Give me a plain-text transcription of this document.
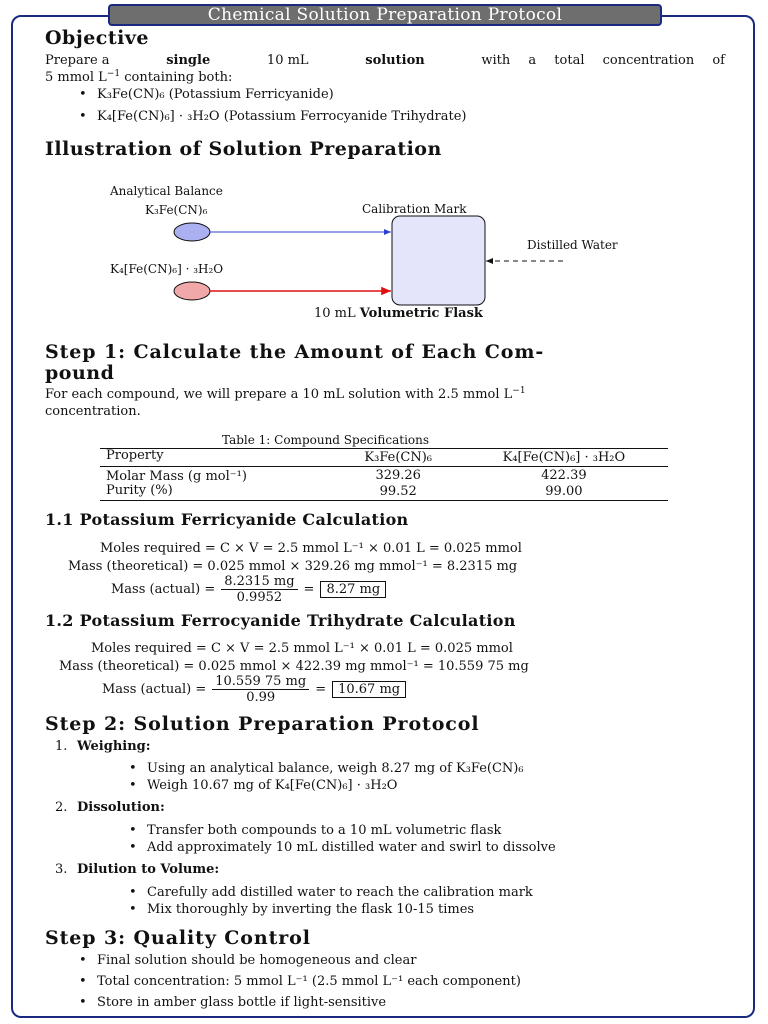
Chemical Solution Preparation Protocol
Objective

Prepare a	single	10 mL	solution	with a total concentration of

5 mmol $L^{-1}$ containing both:

• K₃Fe(CN)₆ (Potassium Ferricyanide)
• K₄[Fe(CN)₆] · ₃H₂O (Potassium Ferrocyanide Trihydrate)
Illustration of Solution Preparation
Analytical Balance
K₃Fe(CN)₆
K₄[Fe(CN)₆] · ₃H₂O
Calibration Mark
Distilled Water
10 mL Volumetric Flask
Step 1: Calculate the Amount of Each Com-
pound

For each compound, we will prepare a 10 mL solution with 2.5 mmol $L^{-1}$

concentration.

Table 1: Compound Specifications
Property	K₃Fe(CN)₆	K₄[Fe(CN)₆] · ₃H₂O
Molar Mass (g mol⁻¹)	329.26	422.39
Purity (%)	99.52	99.00
1.1 Potassium Ferricyanide Calculation
Moles required = C × V = 2.5 mmol L⁻¹ × 0.01 L = 0.025 mmol
Mass (theoretical) = 0.025 mmol × 329.26 mg mmol⁻¹ = 8.2315 mg
Mass (actual) = $\frac{8.2315 mg}{0.9952} = 8.27$ mg
1.2 Potassium Ferrocyanide Trihydrate Calculation
Moles required = C × V = 2.5 mmol L⁻¹ × 0.01 L = 0.025 mmol
Mass (theoretical) = 0.025 mmol × 422.39 mg mmol⁻¹ = 10.559 75 mg
Mass (actual) = $\frac{10.559 75 mg}{0.99} = 10.67$ mg
Step 2: Solution Preparation Protocol
1. Weighing:
• Using an analytical balance, weigh 8.27 mg of K₃Fe(CN)₆
• Weigh 10.67 mg of K₄[Fe(CN)₆] · ₃H₂O
2. Dissolution:
• Transfer both compounds to a 10 mL volumetric flask
• Add approximately 10 mL distilled water and swirl to dissolve
3. Dilution to Volume:
• Carefully add distilled water to reach the calibration mark
• Mix thoroughly by inverting the flask 10-15 times
Step 3: Quality Control
• Final solution should be homogeneous and clear
• Total concentration: 5 mmol L⁻¹ (2.5 mmol L⁻¹ each component)
• Store in amber glass bottle if light-sensitive
